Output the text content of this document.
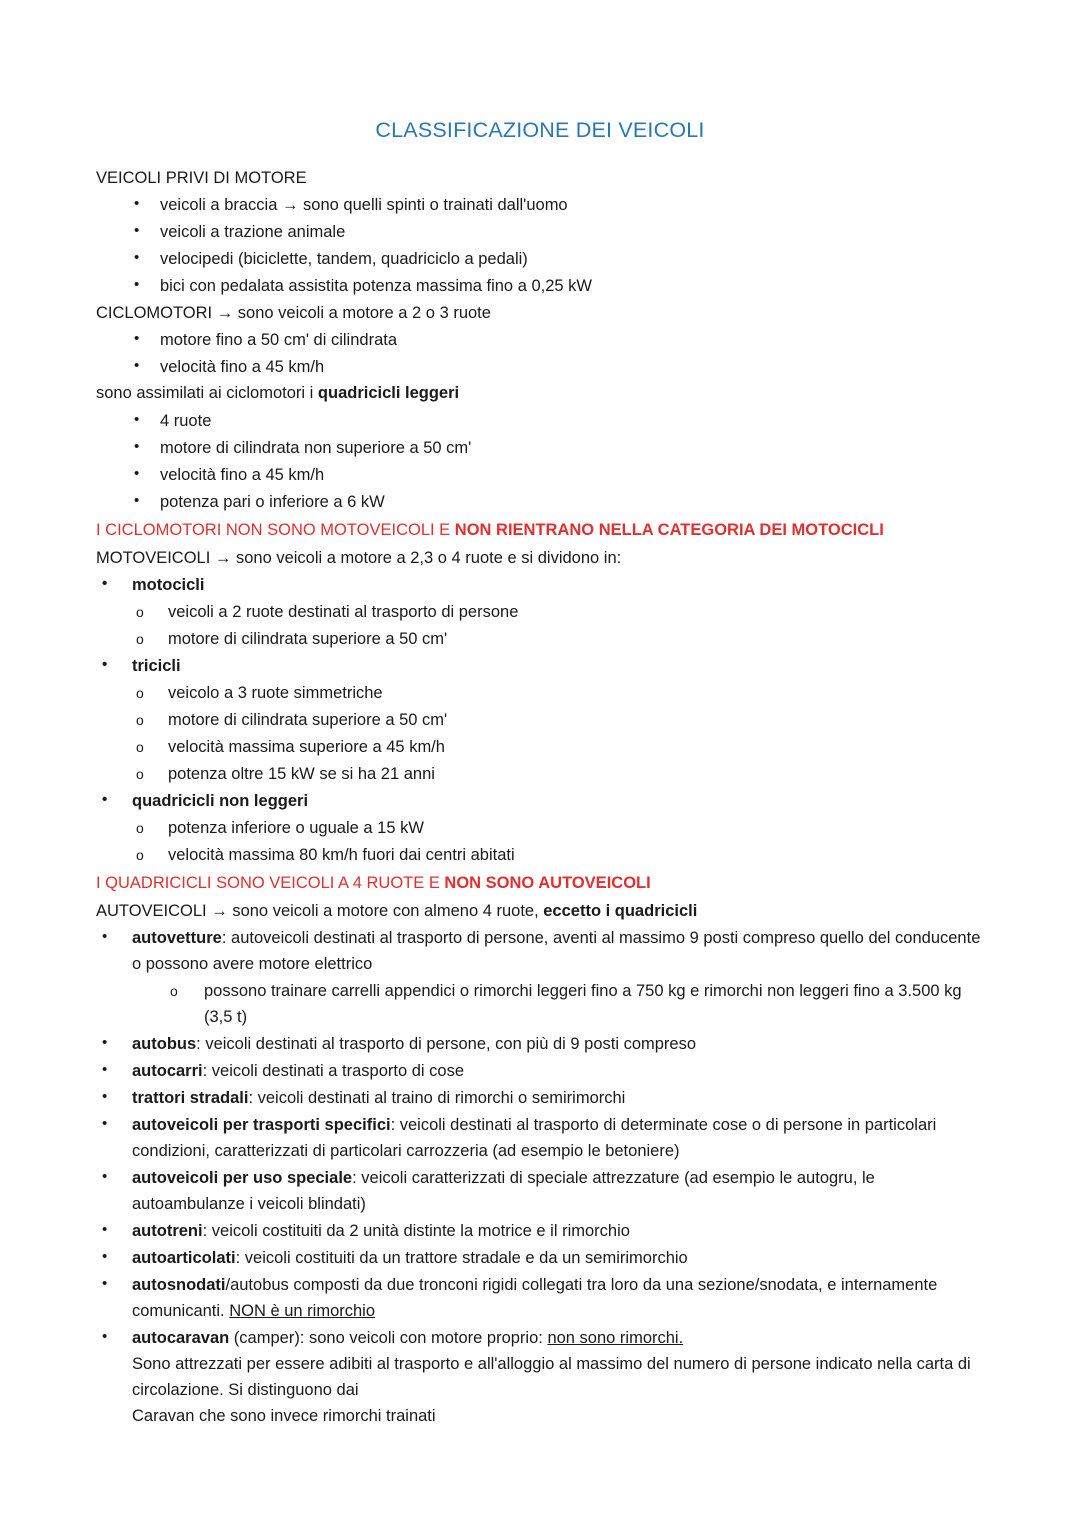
CLASSIFICAZIONE DEI VEICOLI
VEICOLI PRIVI DI MOTORE
• veicoli a braccia → sono quelli spinti o trainati dall'uomo
• veicoli a trazione animale
• velocipedi (biciclette, tandem, quadriciclo a pedali)
• bici con pedalata assistita potenza massima fino a 0,25 kW
CICLOMOTORI → sono veicoli a motore a 2 o 3 ruote
• motore fino a 50 cm' di cilindrata
• velocità fino a 45 km/h
sono assimilati ai ciclomotori i quadricicli leggeri
• 4 ruote
• motore di cilindrata non superiore a 50 cm'
• velocità fino a 45 km/h
• potenza pari o inferiore a 6 kW
I CICLOMOTORI NON SONO MOTOVEICOLI E NON RIENTRANO NELLA CATEGORIA DEI MOTOCICLI
MOTOVEICOLI → sono veicoli a motore a 2,3 o 4 ruote e si dividono in:
• motocicli
o veicoli a 2 ruote destinati al trasporto di persone
o motore di cilindrata superiore a 50 cm'
• tricicli
o veicolo a 3 ruote simmetriche
o motore di cilindrata superiore a 50 cm'
o velocità massima superiore a 45 km/h
o potenza oltre 15 kW se si ha 21 anni
• quadricicli non leggeri
o potenza inferiore o uguale a 15 kW
o velocità massima 80 km/h fuori dai centri abitati
I QUADRICICLI SONO VEICOLI A 4 RUOTE E NON SONO AUTOVEICOLI
AUTOVEICOLI → sono veicoli a motore con almeno 4 ruote, eccetto i quadricicli
• autovetture: autoveicoli destinati al trasporto di persone, aventi al massimo 9 posti compreso quello del conducente o possono avere motore elettrico
o possono trainare carrelli appendici o rimorchi leggeri fino a 750 kg e rimorchi non leggeri fino a 3.500 kg (3,5 t)
• autobus: veicoli destinati al trasporto di persone, con più di 9 posti compreso
• autocarri: veicoli destinati a trasporto di cose
• trattori stradali: veicoli destinati al traino di rimorchi o semirimorchi
• autoveicoli per trasporti specifici: veicoli destinati al trasporto di determinate cose o di persone in particolari condizioni, caratterizzati di particolari carrozzeria (ad esempio le betoniere)
• autoveicoli per uso speciale: veicoli caratterizzati di speciale attrezzature (ad esempio le autogru, le autoambulanze i veicoli blindati)
• autotreni: veicoli costituiti da 2 unità distinte la motrice e il rimorchio
• autoarticolati: veicoli costituiti da un trattore stradale e da un semirimorchio
• autosnodati/autobus composti da due tronconi rigidi collegati tra loro da una sezione/snodata, e internamente comunicanti. NON è un rimorchio
• autocaravan (camper): sono veicoli con motore proprio: non sono rimorchi.
Sono attrezzati per essere adibiti al trasporto e all'alloggio al massimo del numero di persone indicato nella carta di circolazione. Si distinguono dai
Caravan che sono invece rimorchi trainati
